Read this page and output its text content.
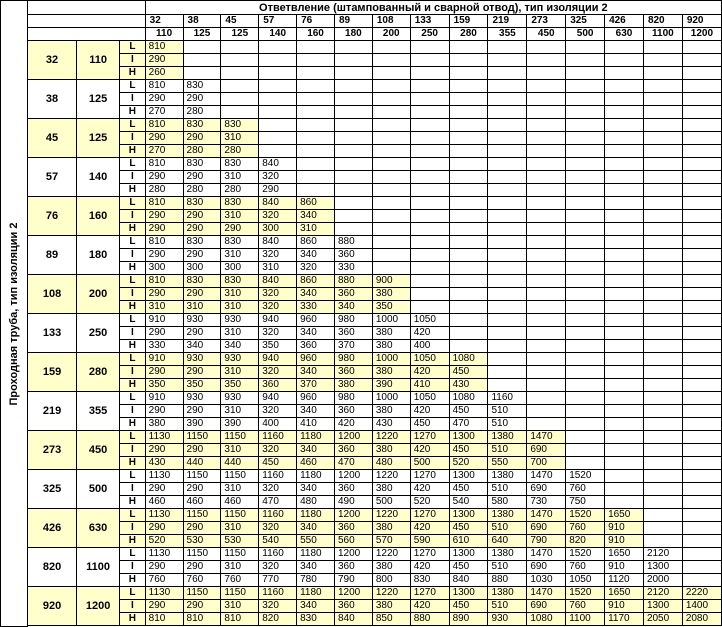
Проходная труба, тип изоляции 2
			Ответвление (штампованный и сварной отвод), тип изоляции 2														
			32	38	45	57	76	89	108	133	159	219	273	325	426	820	920
			110	125	125	140	160	180	200	250	280	355	450	500	630	1100	1200
32	110	L	810														
		I	290														
		H	260														
38	125	L	810	830													
		I	290	290													
		H	270	280													
45	125	L	810	830	830												
		I	290	290	310												
		H	270	280	280												
57	140	L	810	830	830	840											
		I	290	290	310	320											
		H	280	280	280	290											
76	160	L	810	830	830	840	860										
		I	290	290	310	320	340										
		H	290	290	290	300	310										
89	180	L	810	830	830	840	860	880									
		I	290	290	310	320	340	360									
		H	300	300	300	310	320	330									
108	200	L	810	830	830	840	860	880	900								
		I	290	290	310	320	340	360	380								
		H	310	310	310	320	330	340	350								
133	250	L	910	930	930	940	960	980	1000	1050							
		I	290	290	310	320	340	360	380	420							
		H	330	340	340	350	360	370	380	400							
159	280	L	910	930	930	940	960	980	1000	1050	1080						
		I	290	290	310	320	340	360	380	420	450						
		H	350	350	350	360	370	380	390	410	430						
219	355	L	910	930	930	940	960	980	1000	1050	1080	1160					
		I	290	290	310	320	340	360	380	420	450	510					
		H	380	390	390	400	410	420	430	450	470	510					
273	450	L	1130	1150	1150	1160	1180	1200	1220	1270	1300	1380	1470				
		I	290	290	310	320	340	360	380	420	450	510	690				
		H	430	440	440	450	460	470	480	500	520	550	700				
325	500	L	1130	1150	1150	1160	1180	1200	1220	1270	1300	1380	1470	1520			
		I	290	290	310	320	340	360	380	420	450	510	690	760			
		H	460	460	460	470	480	490	500	520	540	580	730	750			
426	630	L	1130	1150	1150	1160	1180	1200	1220	1270	1300	1380	1470	1520	1650		
		I	290	290	310	320	340	360	380	420	450	510	690	760	910		
		H	520	530	530	540	550	560	570	590	610	640	790	820	910		
820	1100	L	1130	1150	1150	1160	1180	1200	1220	1270	1300	1380	1470	1520	1650	2120	
		I	290	290	310	320	340	360	380	420	450	510	690	760	910	1300	
		H	760	760	760	770	780	790	800	830	840	880	1030	1050	1120	2000	
920	1200	L	1130	1150	1150	1160	1180	1200	1220	1270	1300	1380	1470	1520	1650	2120	2220
		I	290	290	310	320	340	360	380	420	450	510	690	760	910	1300	1400
		H	810	810	810	820	830	840	850	880	890	930	1080	1100	1170	2050	2080
